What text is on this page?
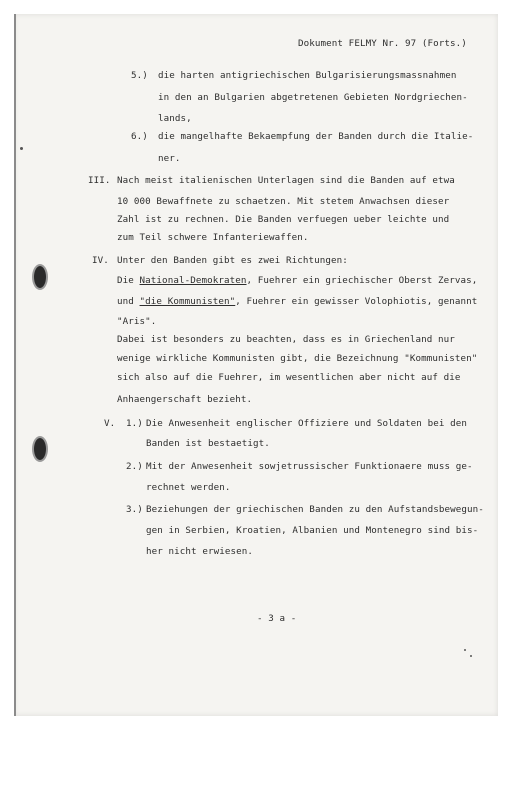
Dokument FELMY Nr. 97 (Forts.)
5.) die harten antigriechischen Bulgarisierungsmassnahmen
in den an Bulgarien abgetretenen Gebieten Nordgriechen-
lands,
6.) die mangelhafte Bekaempfung der Banden durch die Italie-
ner.
III. Nach meist italienischen Unterlagen sind die Banden auf etwa
10 000 Bewaffnete zu schaetzen. Mit stetem Anwachsen dieser
Zahl ist zu rechnen. Die Banden verfuegen ueber leichte und
zum Teil schwere Infanteriewaffen.
IV. Unter den Banden gibt es zwei Richtungen:
Die National-Demokraten, Fuehrer ein griechischer Oberst Zervas,
und "die Kommunisten", Fuehrer ein gewisser Volophiotis, genannt
"Aris".
Dabei ist besonders zu beachten, dass es in Griechenland nur
wenige wirkliche Kommunisten gibt, die Bezeichnung "Kommunisten"
sich also auf die Fuehrer, im wesentlichen aber nicht auf die
Anhaengerschaft bezieht.
V. 1.) Die Anwesenheit englischer Offiziere und Soldaten bei den
Banden ist bestaetigt.
2.) Mit der Anwesenheit sowjetrussischer Funktionaere muss ge-
rechnet werden.
3.) Beziehungen der griechischen Banden zu den Aufstandsbewegun-
gen in Serbien, Kroatien, Albanien und Montenegro sind bis-
her nicht erwiesen.
- 3 a -
